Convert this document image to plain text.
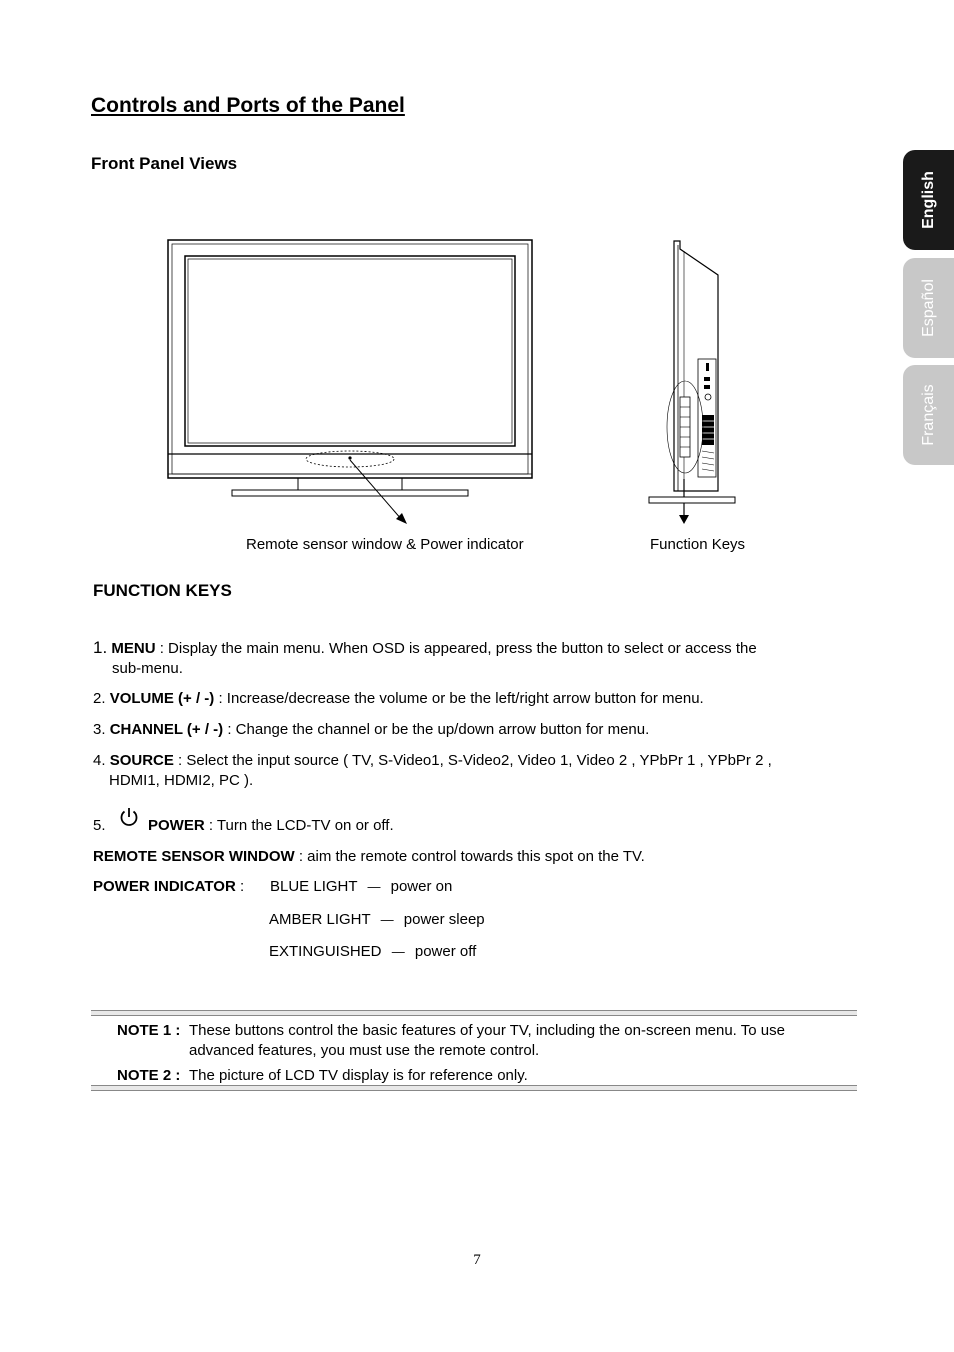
Controls and Ports of the Panel
Front Panel Views
English
Español
Français
Remote sensor window & Power indicator	Function Keys
FUNCTION KEYS
1. MENU : Display the main menu. When OSD is appeared, press the button to select or access the
sub-menu.
2. VOLUME (+ / -) : Increase/decrease the volume or be the left/right arrow button for menu.
3. CHANNEL (+ / -) : Change the channel or be the up/down arrow button for menu.
4. SOURCE : Select the input source ( TV, S-Video1, S-Video2, Video 1, Video 2 , YPbPr 1 , YPbPr 2 ,
HDMI1, HDMI2, PC ).
5.	POWER : Turn the LCD-TV on or off.
REMOTE SENSOR WINDOW : aim the remote control towards this spot on the TV.
POWER INDICATOR : BLUE LIGHT — power on
AMBER LIGHT — power sleep
EXTINGUISHED — power off
NOTE 1 : These buttons control the basic features of your TV, including the on-screen menu. To use
advanced features, you must use the remote control.
NOTE 2 : The picture of LCD TV display is for reference only.
7
